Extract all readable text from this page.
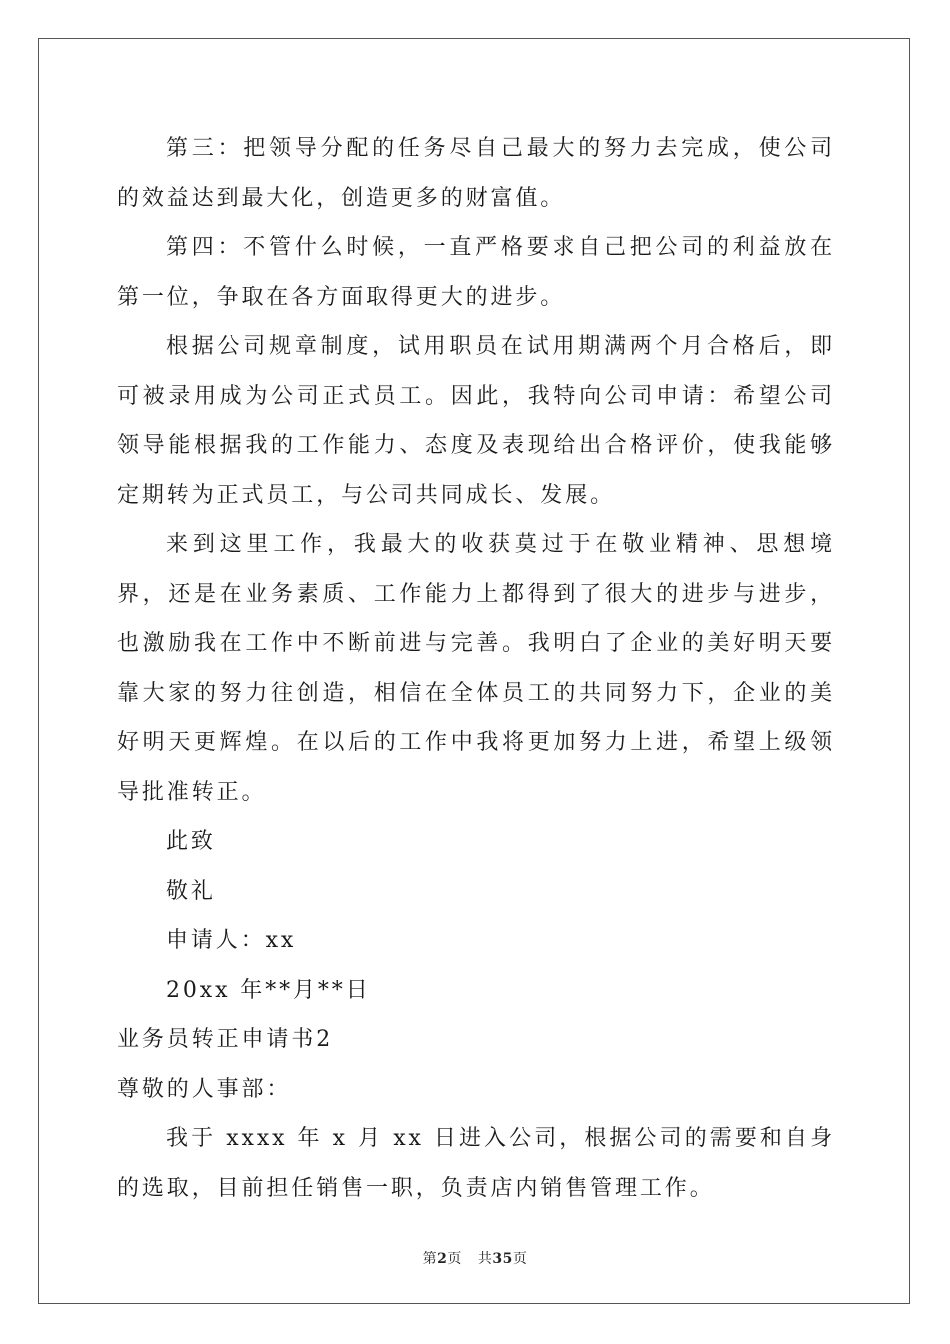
第三：把领导分配的任务尽自己最大的努力去完成，使公司的效益达到最大化，创造更多的财富值。

第四：不管什么时候，一直严格要求自己把公司的利益放在第一位，争取在各方面取得更大的进步。

根据公司规章制度，试用职员在试用期满两个月合格后，即可被录用成为公司正式员工。因此，我特向公司申请：希望公司领导能根据我的工作能力、态度及表现给出合格评价，使我能够定期转为正式员工，与公司共同成长、发展。

来到这里工作，我最大的收获莫过于在敬业精神、思想境界，还是在业务素质、工作能力上都得到了很大的进步与进步，也激励我在工作中不断前进与完善。我明白了企业的美好明天要靠大家的努力往创造，相信在全体员工的共同努力下，企业的美好明天更辉煌。在以后的工作中我将更加努力上进，希望上级领导批准转正。

此致

敬礼

申请人：xx

20xx 年**月**日

业务员转正申请书2

尊敬的人事部：

我于 xxxx 年 x 月 xx 日进入公司，根据公司的需要和自身的选取，目前担任销售一职，负责店内销售管理工作。

第2页 共35页
